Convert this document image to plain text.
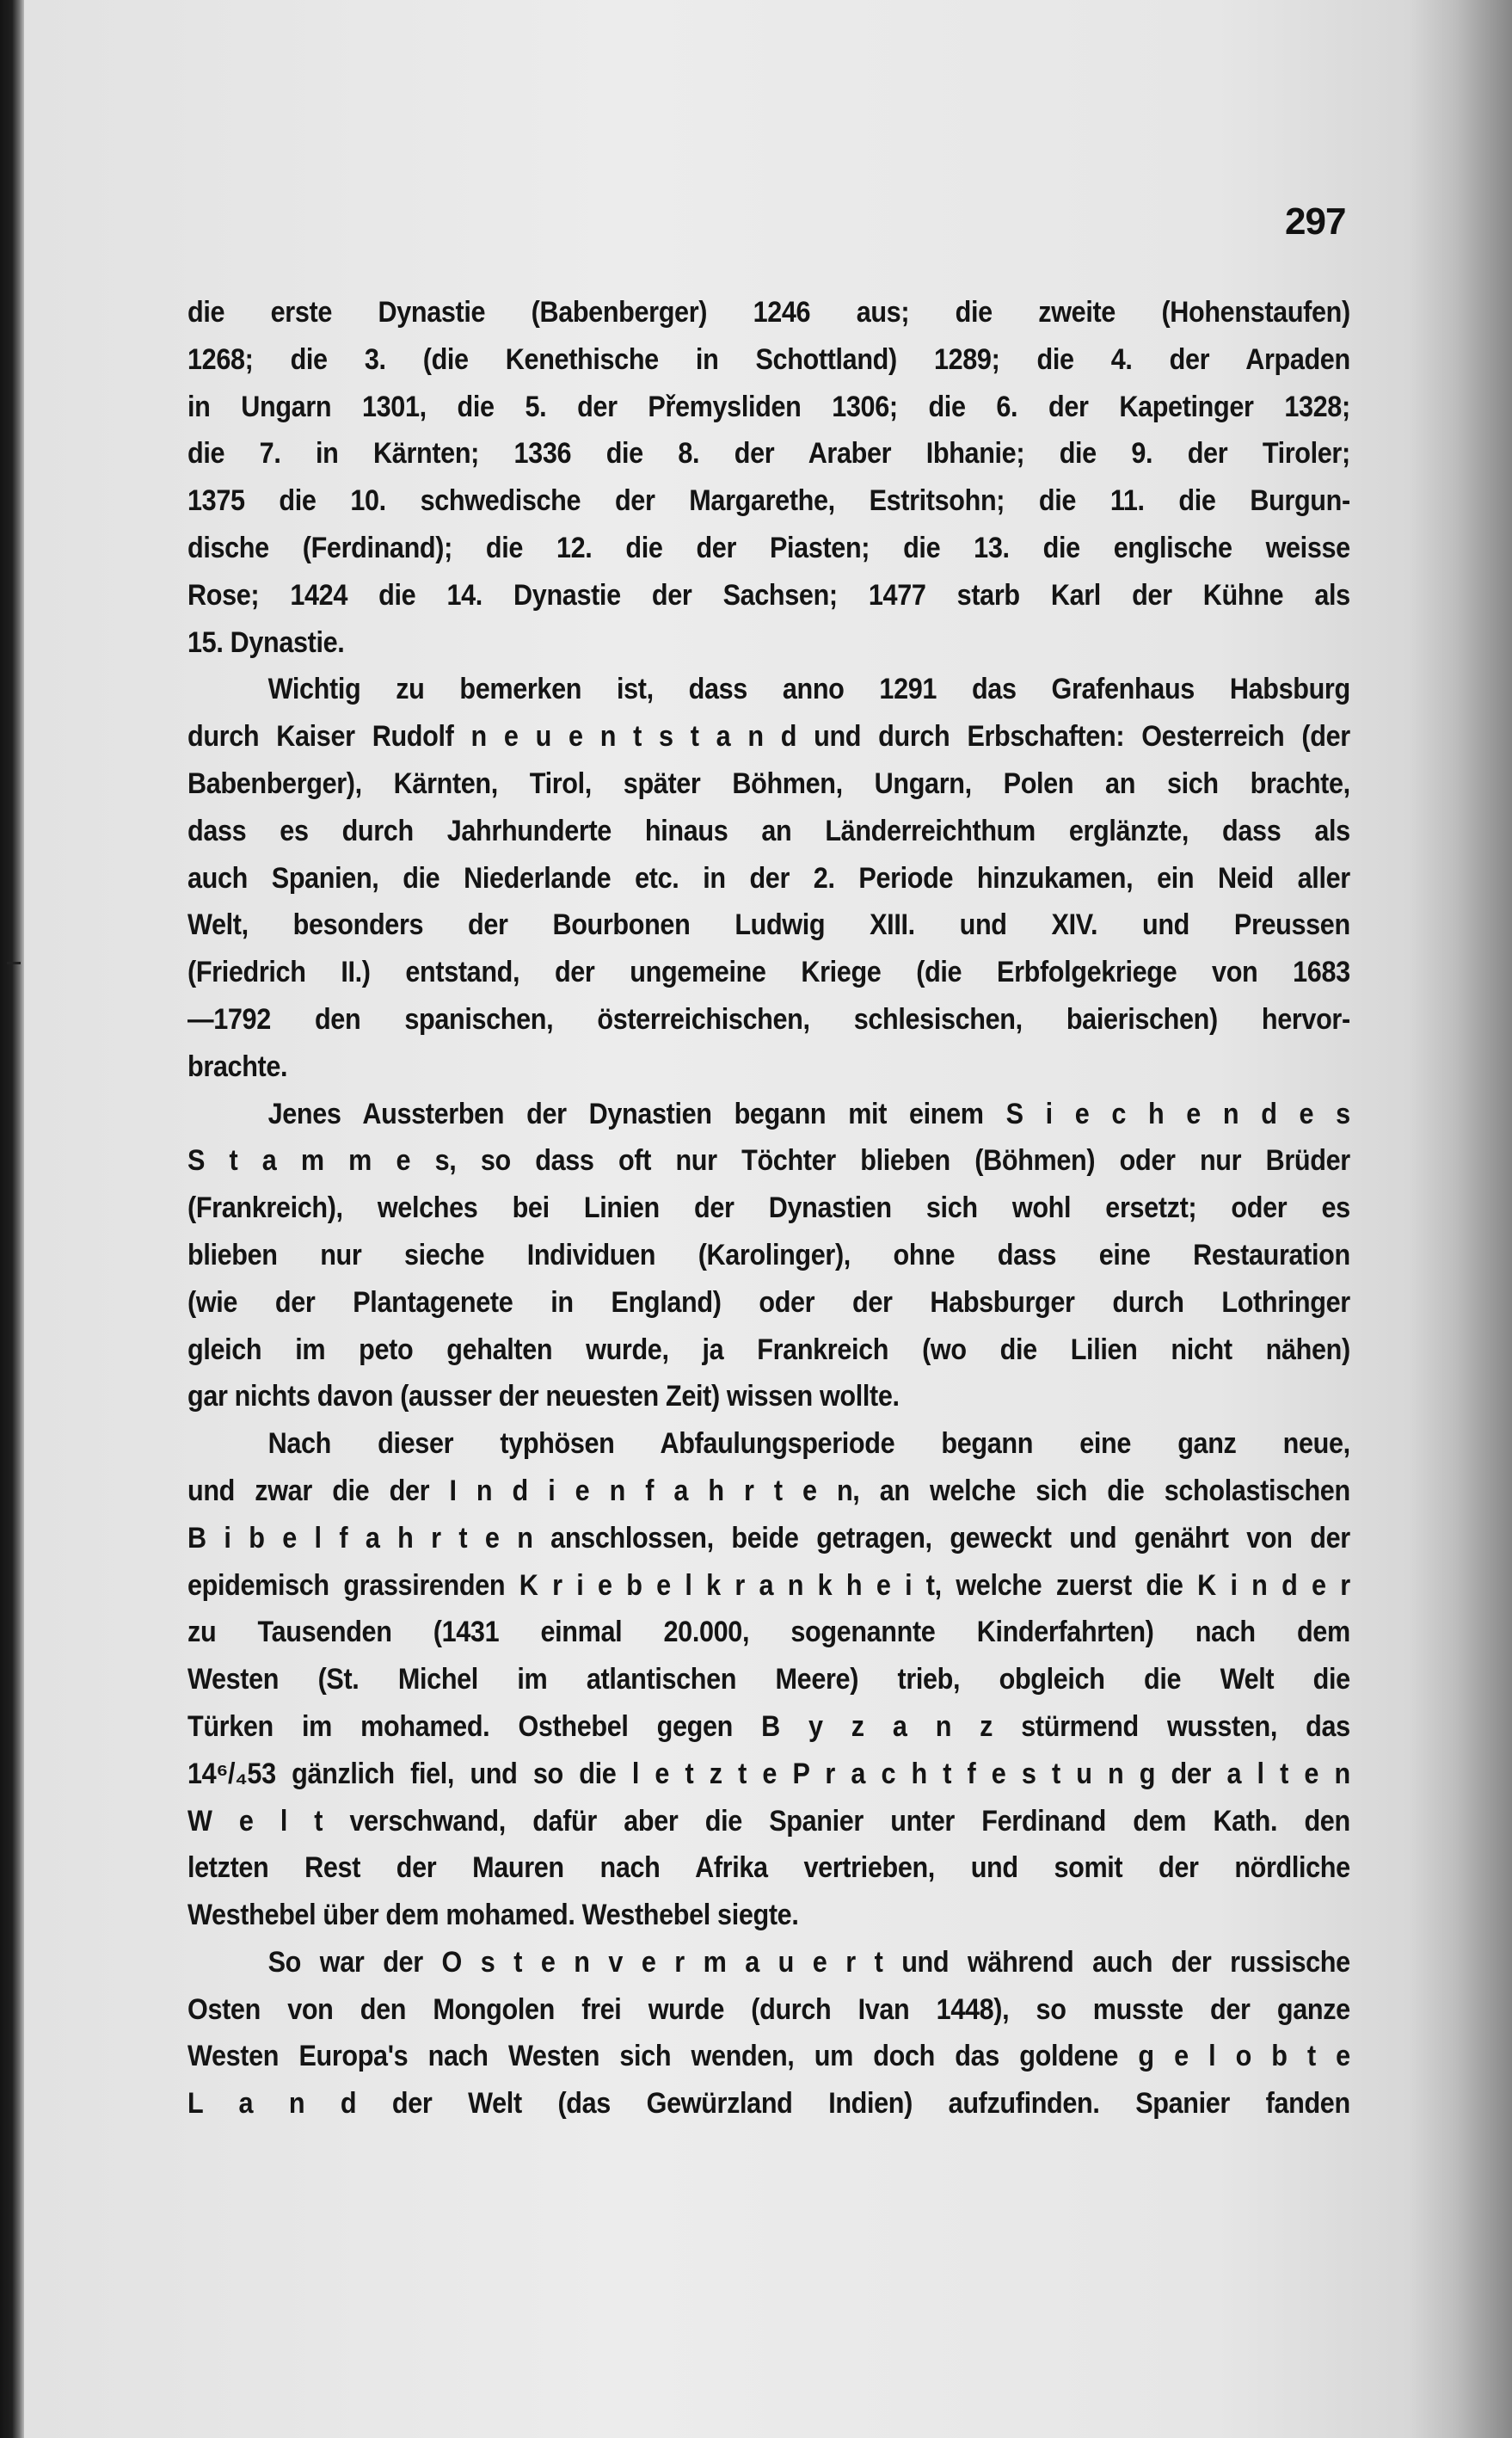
297
die erste Dynastie (Babenberger) 1246 aus; die zweite (Hohenstaufen)
1268; die 3. (die Kenethische in Schottland) 1289; die 4. der Arpaden
in Ungarn 1301, die 5. der Přemysliden 1306; die 6. der Kapetinger 1328;
die 7. in Kärnten; 1336 die 8. der Araber Ibhanie; die 9. der Tiroler;
1375 die 10. schwedische der Margarethe, Estritsohn; die 11. die Burgun-
dische (Ferdinand); die 12. die der Piasten; die 13. die englische weisse
Rose; 1424 die 14. Dynastie der Sachsen; 1477 starb Karl der Kühne als
15. Dynastie.
Wichtig zu bemerken ist, dass anno 1291 das Grafenhaus Habsburg
durch Kaiser Rudolf n e u e n t s t a n d und durch Erbschaften: Oesterreich (der
Babenberger), Kärnten, Tirol, später Böhmen, Ungarn, Polen an sich brachte,
dass es durch Jahrhunderte hinaus an Länderreichthum erglänzte, dass als
auch Spanien, die Niederlande etc. in der 2. Periode hinzukamen, ein Neid aller
Welt, besonders der Bourbonen Ludwig XIII. und XIV. und Preussen
(Friedrich II.) entstand, der ungemeine Kriege (die Erbfolgekriege von 1683
—1792 den spanischen, österreichischen, schlesischen, baierischen) hervor-
brachte.
Jenes Aussterben der Dynastien begann mit einem S i e c h e n d e s
S t a m m e s, so dass oft nur Töchter blieben (Böhmen) oder nur Brüder
(Frankreich), welches bei Linien der Dynastien sich wohl ersetzt; oder es
blieben nur sieche Individuen (Karolinger), ohne dass eine Restauration
(wie der Plantagenete in England) oder der Habsburger durch Lothringer
gleich im peto gehalten wurde, ja Frankreich (wo die Lilien nicht nähen)
gar nichts davon (ausser der neuesten Zeit) wissen wollte.
Nach dieser typhösen Abfaulungsperiode begann eine ganz neue,
und zwar die der I n d i e n f a h r t e n, an welche sich die scholastischen
B i b e l f a h r t e n anschlossen, beide getragen, geweckt und genährt von der
epidemisch grassirenden K r i e b e l k r a n k h e i t, welche zuerst die K i n d e r
zu Tausenden (1431 einmal 20.000, sogenannte Kinderfahrten) nach dem
Westen (St. Michel im atlantischen Meere) trieb, obgleich die Welt die
Türken im mohamed. Osthebel gegen B y z a n z stürmend wussten, das
14⁶/₄53 gänzlich fiel, und so die l e t z t e P r a c h t f e s t u n g der a l t e n
W e l t verschwand, dafür aber die Spanier unter Ferdinand dem Kath. den
letzten Rest der Mauren nach Afrika vertrieben, und somit der nördliche
Westhebel über dem mohamed. Westhebel siegte.
So war der O s t e n v e r m a u e r t und während auch der russische
Osten von den Mongolen frei wurde (durch Ivan 1448), so musste der ganze
Westen Europa's nach Westen sich wenden, um doch das goldene g e l o b t e
L a n d der Welt (das Gewürzland Indien) aufzufinden. Spanier fanden
